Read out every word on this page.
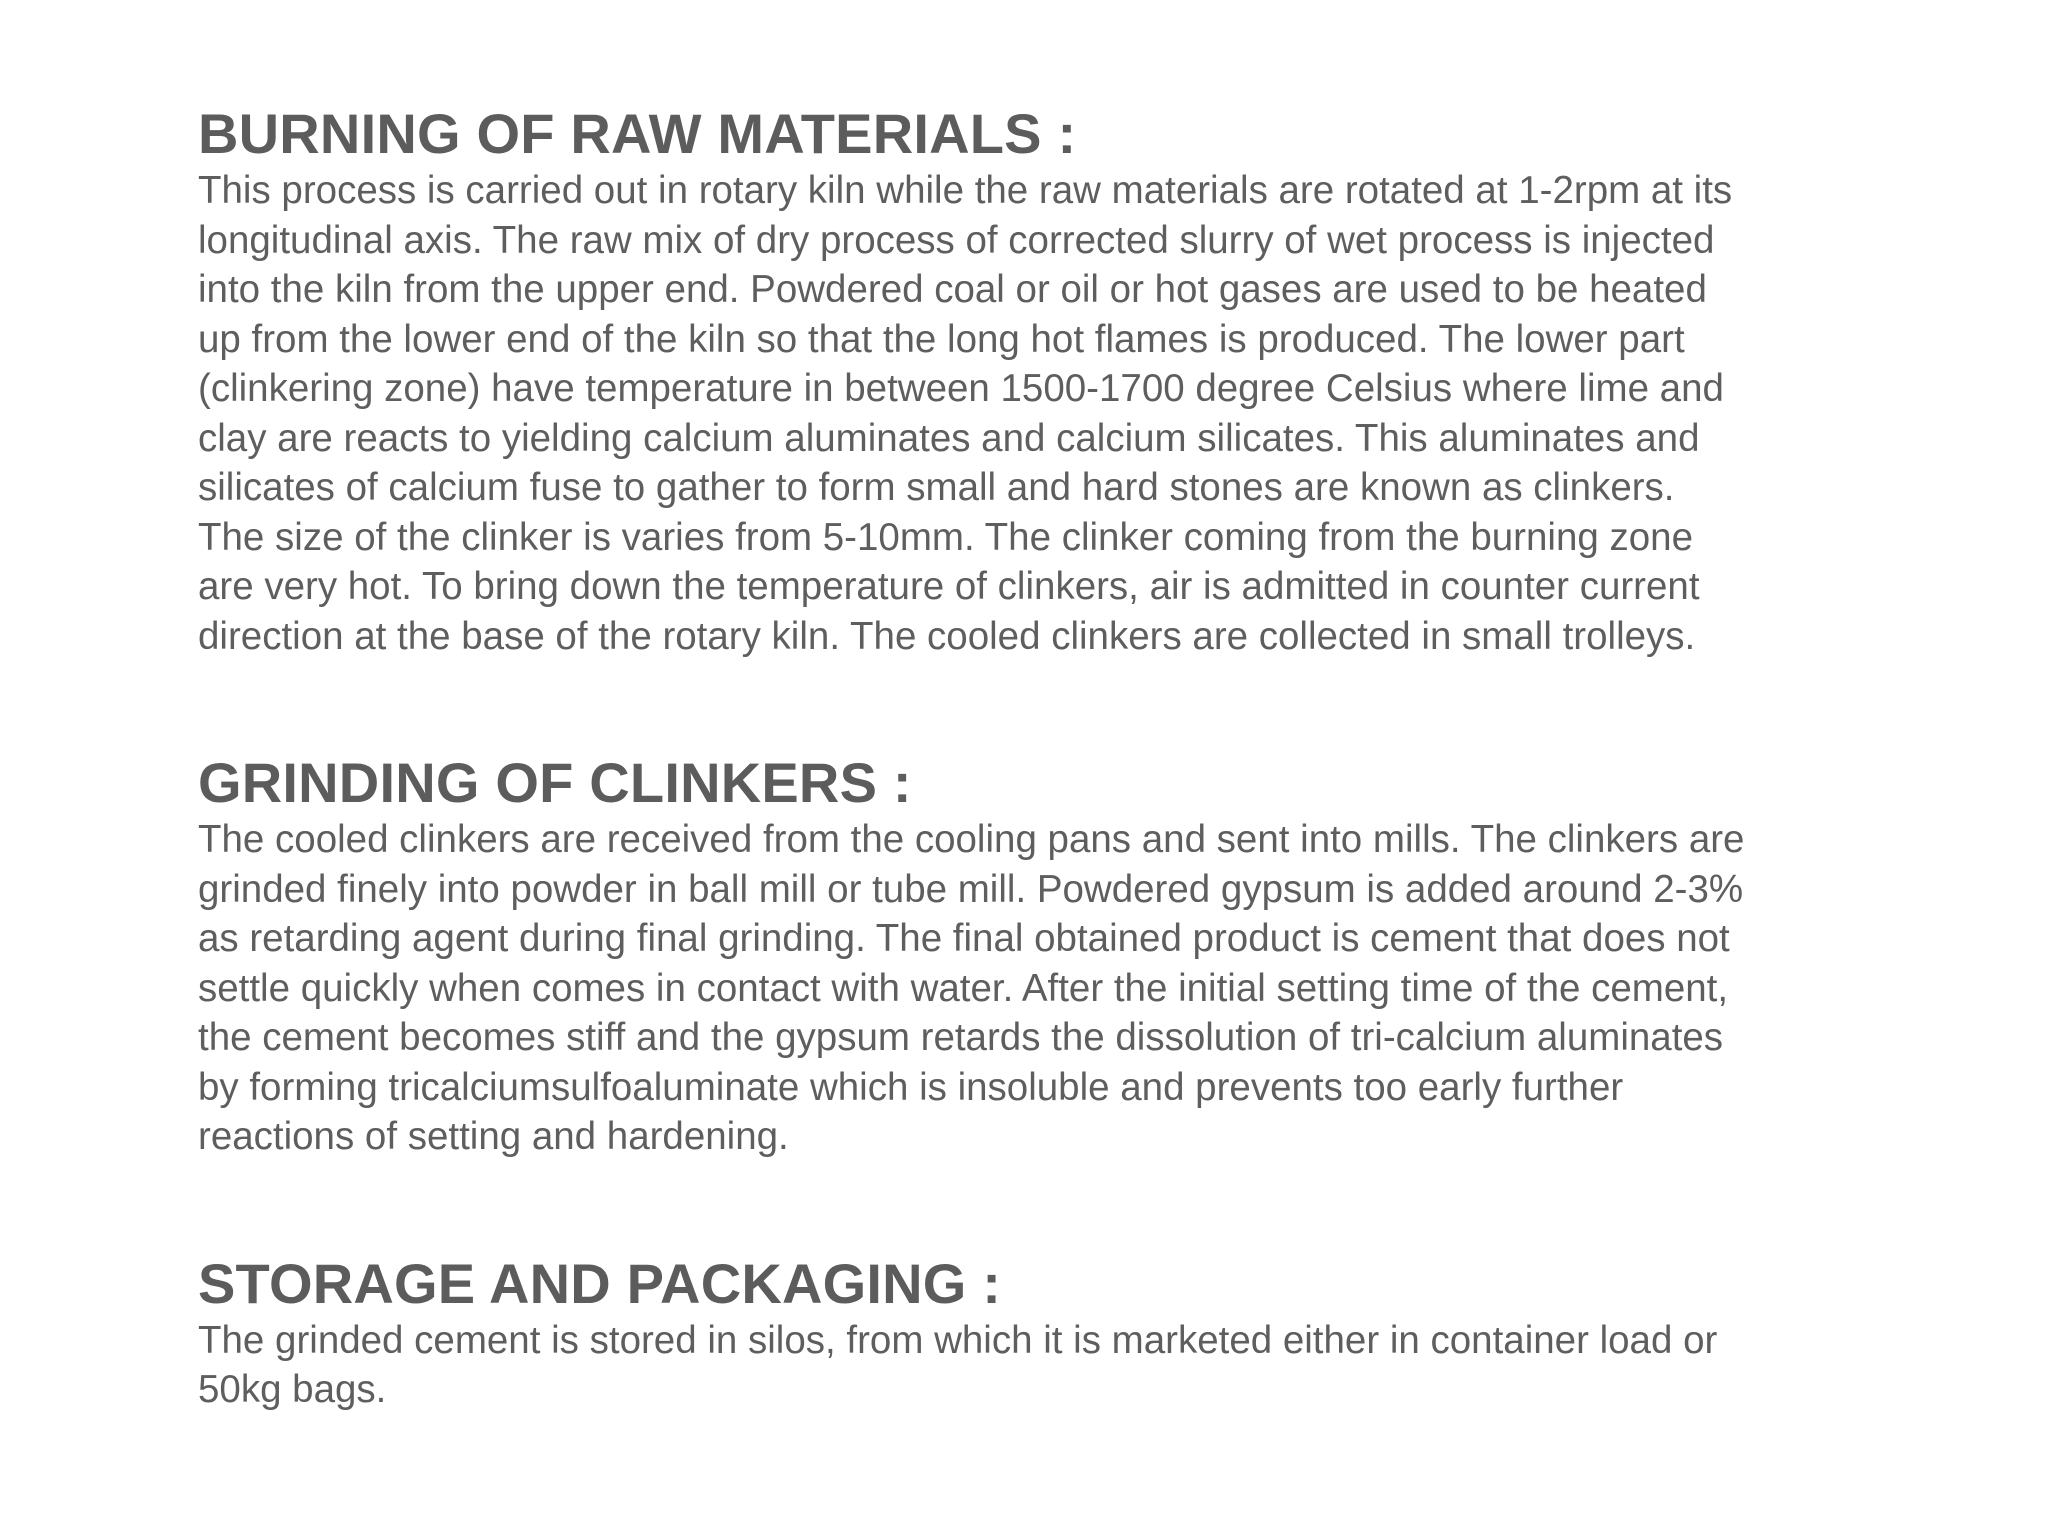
BURNING OF RAW MATERIALS :

This process is carried out in rotary kiln while the raw materials are rotated at 1-2rpm at its
longitudinal axis. The raw mix of dry process of corrected slurry of wet process is injected
into the kiln from the upper end. Powdered coal or oil or hot gases are used to be heated
up from the lower end of the kiln so that the long hot flames is produced. The lower part
(clinkering zone) have temperature in between 1500-1700 degree Celsius where lime and
clay are reacts to yielding calcium aluminates and calcium silicates. This aluminates and
silicates of calcium fuse to gather to form small and hard stones are known as clinkers.
The size of the clinker is varies from 5-10mm. The clinker coming from the burning zone
are very hot. To bring down the temperature of clinkers, air is admitted in counter current
direction at the base of the rotary kiln. The cooled clinkers are collected in small trolleys.

GRINDING OF CLINKERS :

The cooled clinkers are received from the cooling pans and sent into mills. The clinkers are
grinded finely into powder in ball mill or tube mill. Powdered gypsum is added around 2-3%
as retarding agent during final grinding. The final obtained product is cement that does not
settle quickly when comes in contact with water. After the initial setting time of the cement,
the cement becomes stiff and the gypsum retards the dissolution of tri-calcium aluminates
by forming tricalciumsulfoaluminate which is insoluble and prevents too early further
reactions of setting and hardening.

STORAGE AND PACKAGING :

The grinded cement is stored in silos, from which it is marketed either in container load or
50kg bags.
